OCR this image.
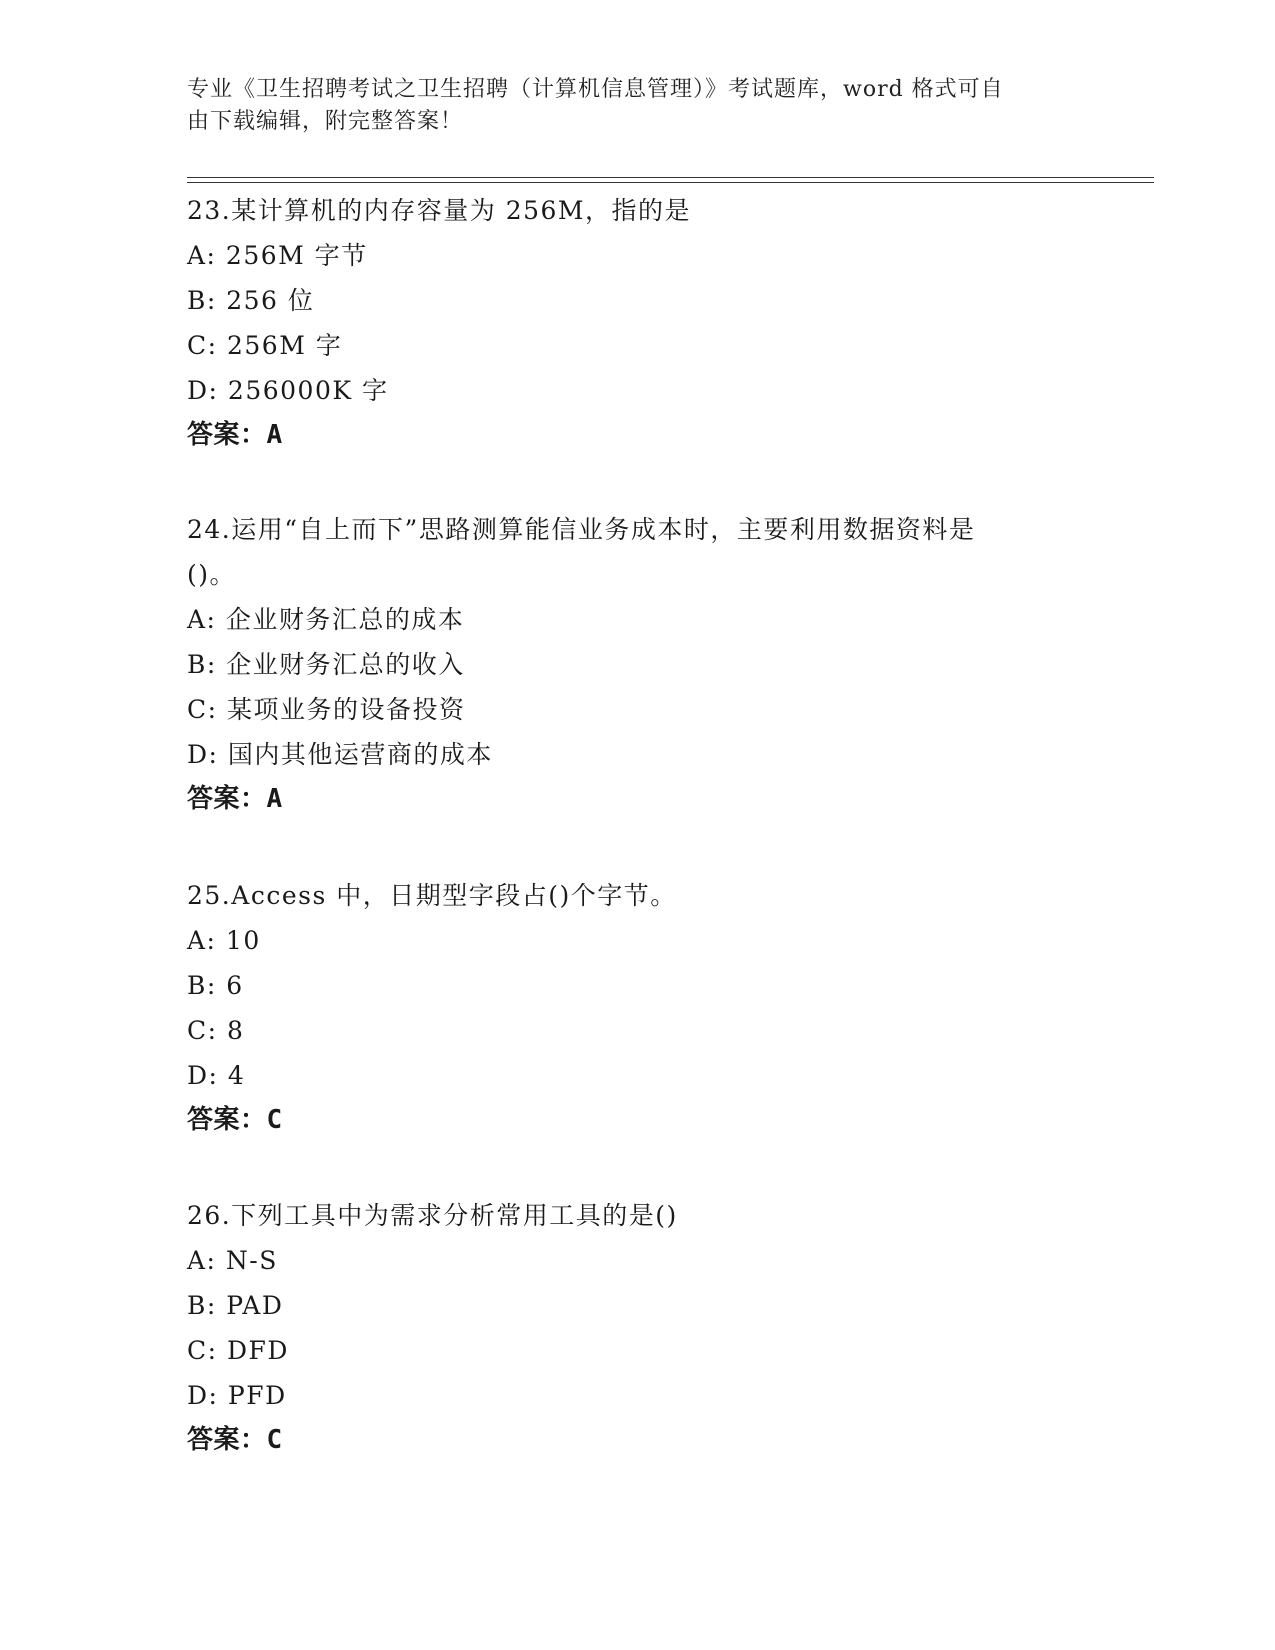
专业《卫生招聘考试之卫生招聘（计算机信息管理）》考试题库，word 格式可自
由下载编辑，附完整答案！
23.某计算机的内存容量为 256M，指的是
A: 256M 字节
B: 256 位
C: 256M 字
D: 256000K 字
答案：A
24.运用“自上而下”思路测算能信业务成本时，主要利用数据资料是
()。
A: 企业财务汇总的成本
B: 企业财务汇总的收入
C: 某项业务的设备投资
D: 国内其他运营商的成本
答案：A
25.Access 中，日期型字段占()个字节。
A: 10
B: 6
C: 8
D: 4
答案：C
26.下列工具中为需求分析常用工具的是()
A: N-S
B: PAD
C: DFD
D: PFD
答案：C
